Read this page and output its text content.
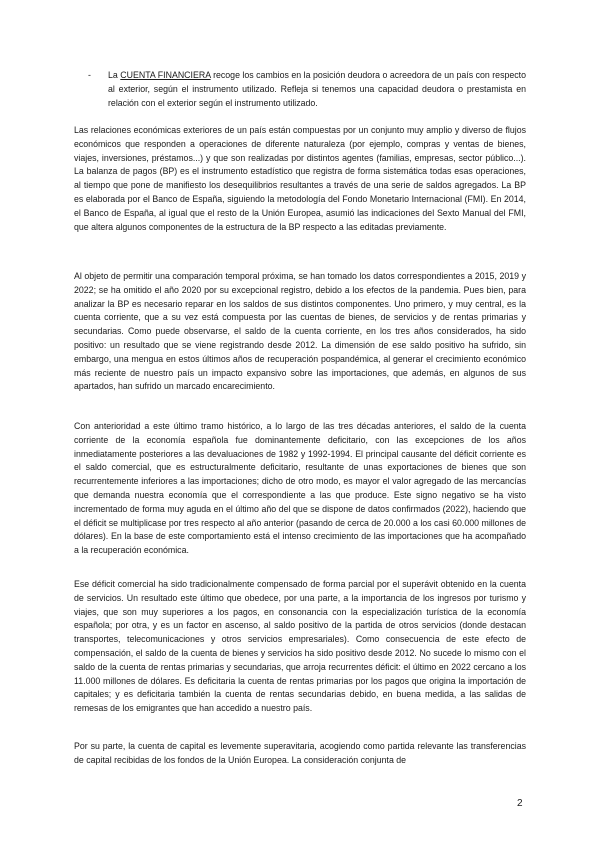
- La CUENTA FINANCIERA recoge los cambios en la posición deudora o acreedora de un país con respecto al exterior, según el instrumento utilizado. Refleja si tenemos una capacidad deudora o prestamista en relación con el exterior según el instrumento utilizado.

Las relaciones económicas exteriores de un país están compuestas por un conjunto muy amplio y diverso de flujos económicos que responden a operaciones de diferente naturaleza (por ejemplo, compras y ventas de bienes, viajes, inversiones, préstamos...) y que son realizadas por distintos agentes (familias, empresas, sector público...). La balanza de pagos (BP) es el instrumento estadístico que registra de forma sistemática todas esas operaciones, al tiempo que pone de manifiesto los desequilibrios resultantes a través de una serie de saldos agregados. La BP es elaborada por el Banco de España, siguiendo la metodología del Fondo Monetario Internacional (FMI). En 2014, el Banco de España, al igual que el resto de la Unión Europea, asumió las indicaciones del Sexto Manual del FMI, que altera algunos componentes de la estructura de la BP respecto a las editadas previamente.

Al objeto de permitir una comparación temporal próxima, se han tomado los datos correspondientes a 2015, 2019 y 2022; se ha omitido el año 2020 por su excepcional registro, debido a los efectos de la pandemia. Pues bien, para analizar la BP es necesario reparar en los saldos de sus distintos componentes. Uno primero, y muy central, es la cuenta corriente, que a su vez está compuesta por las cuentas de bienes, de servicios y de rentas primarias y secundarias. Como puede observarse, el saldo de la cuenta corriente, en los tres años considerados, ha sido positivo: un resultado que se viene registrando desde 2012. La dimensión de ese saldo positivo ha sufrido, sin embargo, una mengua en estos últimos años de recuperación pospandémica, al generar el crecimiento económico más reciente de nuestro país un impacto expansivo sobre las importaciones, que además, en algunos de sus apartados, han sufrido un marcado encarecimiento.

Con anterioridad a este último tramo histórico, a lo largo de las tres décadas anteriores, el saldo de la cuenta corriente de la economía española fue dominantemente deficitario, con las excepciones de los años inmediatamente posteriores a las devaluaciones de 1982 y 1992-1994. El principal causante del déficit corriente es el saldo comercial, que es estructuralmente deficitario, resultante de unas exportaciones de bienes que son recurrentemente inferiores a las importaciones; dicho de otro modo, es mayor el valor agregado de las mercancías que demanda nuestra economía que el correspondiente a las que produce. Este signo negativo se ha visto incrementado de forma muy aguda en el último año del que se dispone de datos confirmados (2022), haciendo que el déficit se multiplicase por tres respecto al año anterior (pasando de cerca de 20.000 a los casi 60.000 millones de dólares). En la base de este comportamiento está el intenso crecimiento de las importaciones que ha acompañado a la recuperación económica.

Ese déficit comercial ha sido tradicionalmente compensado de forma parcial por el superávit obtenido en la cuenta de servicios. Un resultado este último que obedece, por una parte, a la importancia de los ingresos por turismo y viajes, que son muy superiores a los pagos, en consonancia con la especialización turística de la economía española; por otra, y es un factor en ascenso, al saldo positivo de la partida de otros servicios (donde destacan transportes, telecomunicaciones y otros servicios empresariales). Como consecuencia de este efecto de compensación, el saldo de la cuenta de bienes y servicios ha sido positivo desde 2012. No sucede lo mismo con el saldo de la cuenta de rentas primarias y secundarias, que arroja recurrentes déficit: el último en 2022 cercano a los 11.000 millones de dólares. Es deficitaria la cuenta de rentas primarias por los pagos que origina la importación de capitales; y es deficitaria también la cuenta de rentas secundarias debido, en buena medida, a las salidas de remesas de los emigrantes que han accedido a nuestro país.

Por su parte, la cuenta de capital es levemente superavitaria, acogiendo como partida relevante las transferencias de capital recibidas de los fondos de la Unión Europea. La consideración conjunta de

2
